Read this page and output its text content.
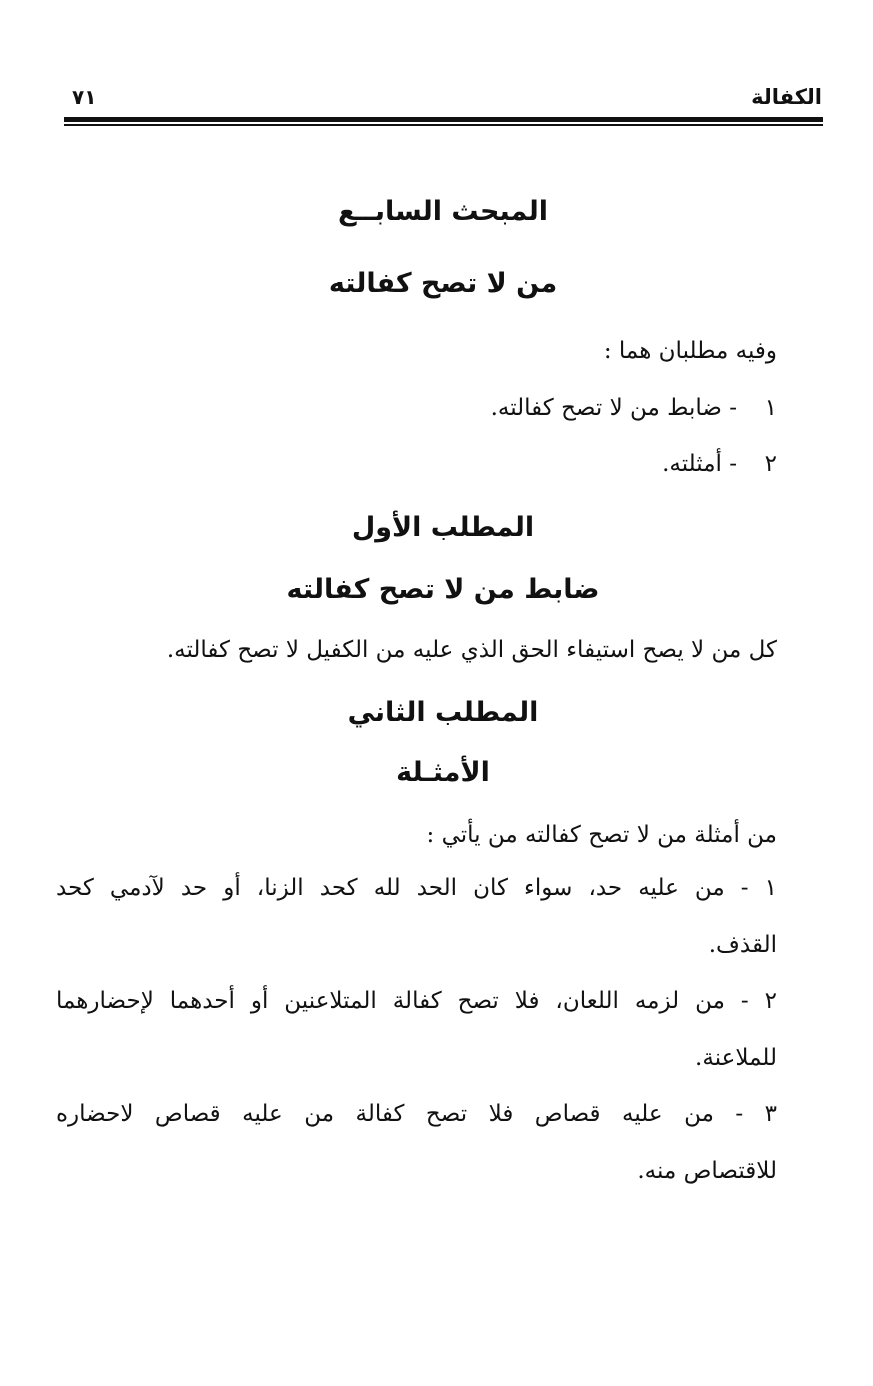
الكفالة
٧١
المبحث السابــع
من لا تصح كفالته
وفيه مطلبان هما :
١- ضابط من لا تصح كفالته.
٢- أمثلته.
المطلب الأول
ضابط من لا تصح كفالته
كل من لا يصح استيفاء الحق الذي عليه من الكفيل لا تصح كفالته.
المطلب الثاني
الأمثـلة
من أمثلة من لا تصح كفالته من يأتي :
١ - من عليه حد، سواء كان الحد لله كحد الزنا، أو حد لآدمي كحد
القذف.
٢ - من لزمه اللعان، فلا تصح كفالة المتلاعنين أو أحدهما لإحضارهما
للملاعنة.
٣ - من عليه قصاص فلا تصح كفالة من عليه قصاص لاحضاره
للاقتصاص منه.
